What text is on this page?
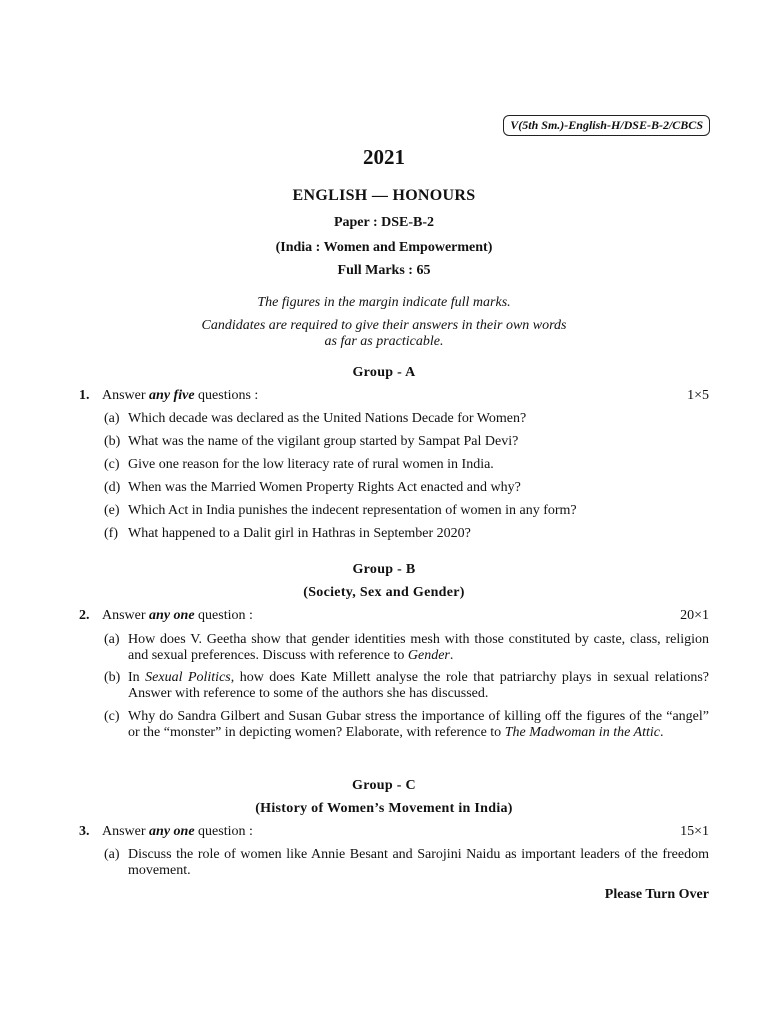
V(5th Sm.)-English-H/DSE-B-2/CBCS
2021
ENGLISH — HONOURS
Paper : DSE-B-2
(India : Women and Empowerment)
Full Marks : 65
The figures in the margin indicate full marks.
Candidates are required to give their answers in their own words
as far as practicable.
Group - A
1. Answer any five questions :	1×5
(a) Which decade was declared as the United Nations Decade for Women?
(b) What was the name of the vigilant group started by Sampat Pal Devi?
(c) Give one reason for the low literacy rate of rural women in India.
(d) When was the Married Women Property Rights Act enacted and why?
(e) Which Act in India punishes the indecent representation of women in any form?
(f) What happened to a Dalit girl in Hathras in September 2020?
Group - B
(Society, Sex and Gender)
2. Answer any one question :	20×1
(a) How does V. Geetha show that gender identities mesh with those constituted by caste, class, religion and sexual preferences. Discuss with reference to Gender.
(b) In Sexual Politics, how does Kate Millett analyse the role that patriarchy plays in sexual relations? Answer with reference to some of the authors she has discussed.
(c) Why do Sandra Gilbert and Susan Gubar stress the importance of killing off the figures of the “angel” or the “monster” in depicting women? Elaborate, with reference to The Madwoman in the Attic.
Group - C
(History of Women’s Movement in India)
3. Answer any one question :	15×1
(a) Discuss the role of women like Annie Besant and Sarojini Naidu as important leaders of the freedom movement.
Please Turn Over
